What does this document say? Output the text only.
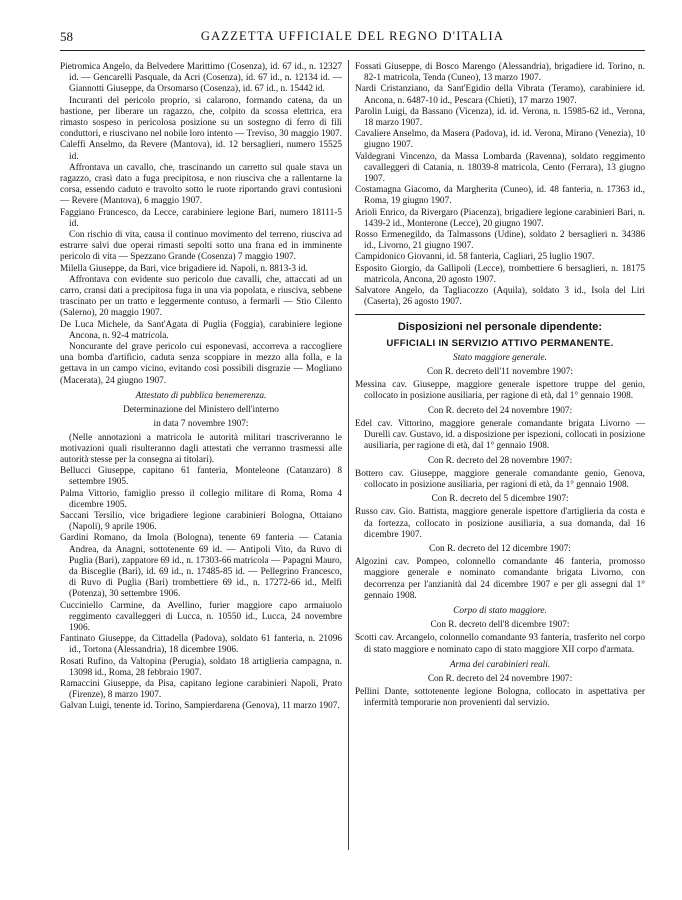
58	GAZZETTA UFFICIALE DEL REGNO D'ITALIA

Pietromica Angelo, da Belvedere Marittimo (Cosenza), id. 67 id., n. 12327 id. — Gencarelli Pasquale, da Acri (Cosenza), id. 67 id., n. 12134 id. — Giannotti Giuseppe, da Orsomarso (Cosenza), id. 67 id., n. 15442 id.

Incuranti del pericolo proprio, si calarono, formando catena, da un bastione, per liberare un ragazzo, che, colpito da scossa elettrica, era rimasto sospeso in pericolosa posizione su un sostegno di ferro di fili conduttori, e riuscivano nel nobile loro intento — Treviso, 30 maggio 1907.

Caleffi Anselmo, da Revere (Mantova), id. 12 bersaglieri, numero 15525 id.

Affrontava un cavallo, che, trascinando un carretto sul quale stava un ragazzo, crasi dato a fuga precipitosa, e non riusciva che a rallentarne la corsa, essendo caduto e travolto sotto le ruote riportando gravi contusioni — Revere (Mantova), 6 maggio 1907.

Faggiano Francesco, da Lecce, carabiniere legione Bari, numero 18111-5 id.

Con rischio di vita, causa il continuo movimento del terreno, riusciva ad estrarre salvi due operai rimasti sepolti sotto una frana ed in imminente pericolo di vita — Spezzano Grande (Cosenza) 7 maggio 1907.

Milella Giuseppe, da Bari, vice brigadiere id. Napoli, n. 8813-3 id.

Affrontava con evidente suo pericolo due cavalli, che, attaccati ad un carro, cransi dati a precipitosa fuga in una via popolata, e riusciva, sebbene trascinato per un tratto e leggermente contuso, a fermarli — Stio Cilento (Salerno), 20 maggio 1907.

De Luca Michele, da Sant'Agata di Puglia (Foggia), carabiniere legione Ancona, n. 92-4 matricola.

Noncurante del grave pericolo cui esponevasi, accorreva a raccogliere una bomba d'artificio, caduta senza scoppiare in mezzo alla folla, e la gettava in un campo vicino, evitando così possibili disgrazie — Mogliano (Macerata), 24 giugno 1907.

Attestato di pubblica benemerenza.

Determinazione del Ministero dell'interno

in data 7 novembre 1907:

(Nelle annotazioni a matricola le autorità militari trascriveranno le motivazioni quali risulteranno dagli attestati che verranno trasmessi alle autorità stesse per la consegna ai titolari).

Bellucci Giuseppe, capitano 61 fanteria, Monteleone (Catanzaro) 8 settembre 1905.

Palma Vittorio, famiglio presso il collegio militare di Roma, Roma 4 dicembre 1905.

Saccani Tersilio, vice brigadiere legione carabinieri Bologna, Ottaiano (Napoli), 9 aprile 1906.

Gardini Romano, da Imola (Bologna), tenente 69 fanteria — Catania Andrea, da Anagni, sottotenente 69 id. — Antipoli Vito, da Ruvo di Puglia (Bari), zappatore 69 id., n. 17303-66 matricola — Papagni Mauro, da Bisceglie (Bari), id. 69 id., n. 17485-85 id. — Pellegrino Francesco, di Ruvo di Puglia (Bari) trombettiere 69 id., n. 17272-66 id., Melfi (Potenza), 30 settembre 1906.

Cucciniello Carmine, da Avellino, furier maggiore capo armaiuolo reggimento cavalleggeri di Lucca, n. 10550 id., Lucca, 24 novembre 1906.

Fantinato Giuseppe, da Cittadella (Padova), soldato 61 fanteria, n. 21096 id., Tortona (Alessandria), 18 dicembre 1906.

Rosati Rufino, da Valtopina (Perugia), soldato 18 artiglieria campagna, n. 13098 id., Roma, 28 febbraio 1907.

Ramaccini Giuseppe, da Pisa, capitano legione carabinieri Napoli, Prato (Firenze), 8 marzo 1907.

Galvan Luigi, tenente id. Torino, Sampierdarena (Genova), 11 marzo 1907.

Fossati Giuseppe, di Bosco Marengo (Alessandria), brigadiere id. Torino, n. 82-1 matricola, Tenda (Cuneo), 13 marzo 1907.

Nardi Cristanziano, da Sant'Egidio della Vibrata (Teramo), carabiniere id. Ancona, n. 6487-10 id., Pescara (Chieti), 17 marzo 1907.

Parolin Luigi, da Bassano (Vicenza), id. id. Verona, n. 15985-62 id., Verona, 18 marzo 1907.

Cavaliere Anselmo, da Masera (Padova), id. id. Verona, Mirano (Venezia), 10 giugno 1907.

Valdegrani Vincenzo, da Massa Lombarda (Ravenna), soldato reggimento cavalleggeri di Catania, n. 18039-8 matricola, Cento (Ferrara), 13 giugno 1907.

Costamagna Giacomo, da Margherita (Cuneo), id. 48 fanteria, n. 17363 id., Roma, 19 giugno 1907.

Arioli Enrico, da Rivergaro (Piacenza), brigadiere legione carabinieri Bari, n. 1439-2 id., Monterone (Lecce), 20 giugno 1907.

Rosso Ermenegildo, da Talmassons (Udine), soldato 2 bersaglieri n. 34386 id., Livorno, 21 giugno 1907.

Campidonico Giovanni, id. 58 fanteria, Cagliari, 25 luglio 1907.

Esposito Giorgio, da Gallipoli (Lecce), trombettiere 6 bersaglieri, n. 18175 matricola, Ancona, 20 agosto 1907.

Salvatore Angelo, da Tagliacozzo (Aquila), soldato 3 id., Isola del Liri (Caserta), 26 agosto 1907.

Disposizioni nel personale dipendente:
UFFICIALI IN SERVIZIO ATTIVO PERMANENTE.

Stato maggiore generale.

Con R. decreto dell'11 novembre 1907:

Messina cav. Giuseppe, maggiore generale ispettore truppe del genio, collocato in posizione ausiliaria, per ragione di età, dal 1° gennaio 1908.

Con R. decreto del 24 novembre 1907:

Edel cav. Vittorino, maggiore generale comandante brigata Livorno — Durelli cav. Gustavo, id. a disposizione per ispezioni, collocati in posizione ausiliaria, per ragione di età, dal 1° gennaio 1908.

Con R. decreto del 28 novembre 1907:

Bottero cav. Giuseppe, maggiore generale comandante genio, Genova, collocato in posizione ausiliaria, per ragioni di età, da 1° gennaio 1908.

Con R. decreto del 5 dicembre 1907:

Russo cav. Gio. Battista, maggiore generale ispettore d'artiglieria da costa e da fortezza, collocato in posizione ausiliaria, a sua domanda, dal 16 dicembre 1907.

Con R. decreto del 12 dicembre 1907:

Algozini cav. Pompeo, colonnello comandante 46 fanteria, promosso maggiore generale e nominato comandante brigata Livorno, con decorrenza per l'anzianità dal 24 dicembre 1907 e per gli assegni dal 1° gennaio 1908.

Corpo di stato maggiore.

Con R. decreto dell'8 dicembre 1907:

Scotti cav. Arcangelo, colonnello comandante 93 fanteria, trasferito nel corpo di stato maggiore e nominato capo di stato maggiore XII corpo d'armata.

Arma dei carabinieri reali.

Con R. decreto del 24 novembre 1907:

Pellini Dante, sottotenente legione Bologna, collocato in aspettativa per infermità temporarie non provenienti dal servizio.
